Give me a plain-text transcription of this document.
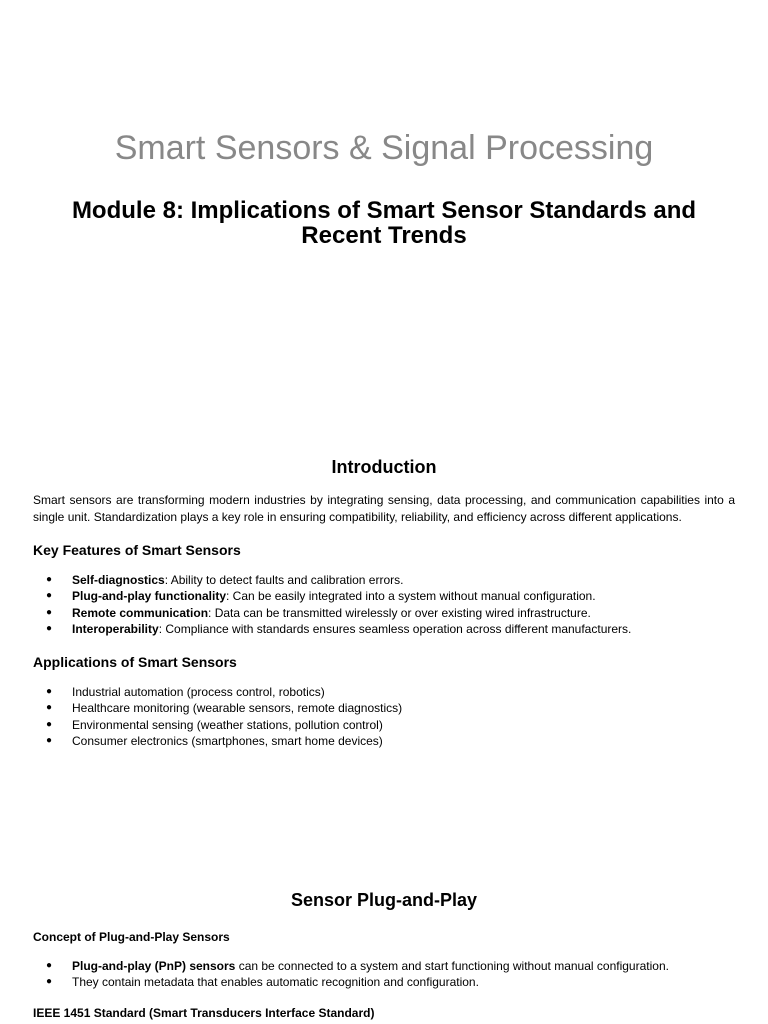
Smart Sensors & Signal Processing
Module 8: Implications of Smart Sensor Standards and Recent Trends
Introduction

Smart sensors are transforming modern industries by integrating sensing, data processing, and communication capabilities into a single unit. Standardization plays a key role in ensuring compatibility, reliability, and efficiency across different applications.

Key Features of Smart Sensors
● Self-diagnostics: Ability to detect faults and calibration errors.
● Plug-and-play functionality: Can be easily integrated into a system without manual configuration.
● Remote communication: Data can be transmitted wirelessly or over existing wired infrastructure.
● Interoperability: Compliance with standards ensures seamless operation across different manufacturers.
Applications of Smart Sensors
● Industrial automation (process control, robotics)
● Healthcare monitoring (wearable sensors, remote diagnostics)
● Environmental sensing (weather stations, pollution control)
● Consumer electronics (smartphones, smart home devices)
Sensor Plug-and-Play
Concept of Plug-and-Play Sensors
● Plug-and-play (PnP) sensors can be connected to a system and start functioning without manual configuration.
● They contain metadata that enables automatic recognition and configuration.
IEEE 1451 Standard (Smart Transducers Interface Standard)
